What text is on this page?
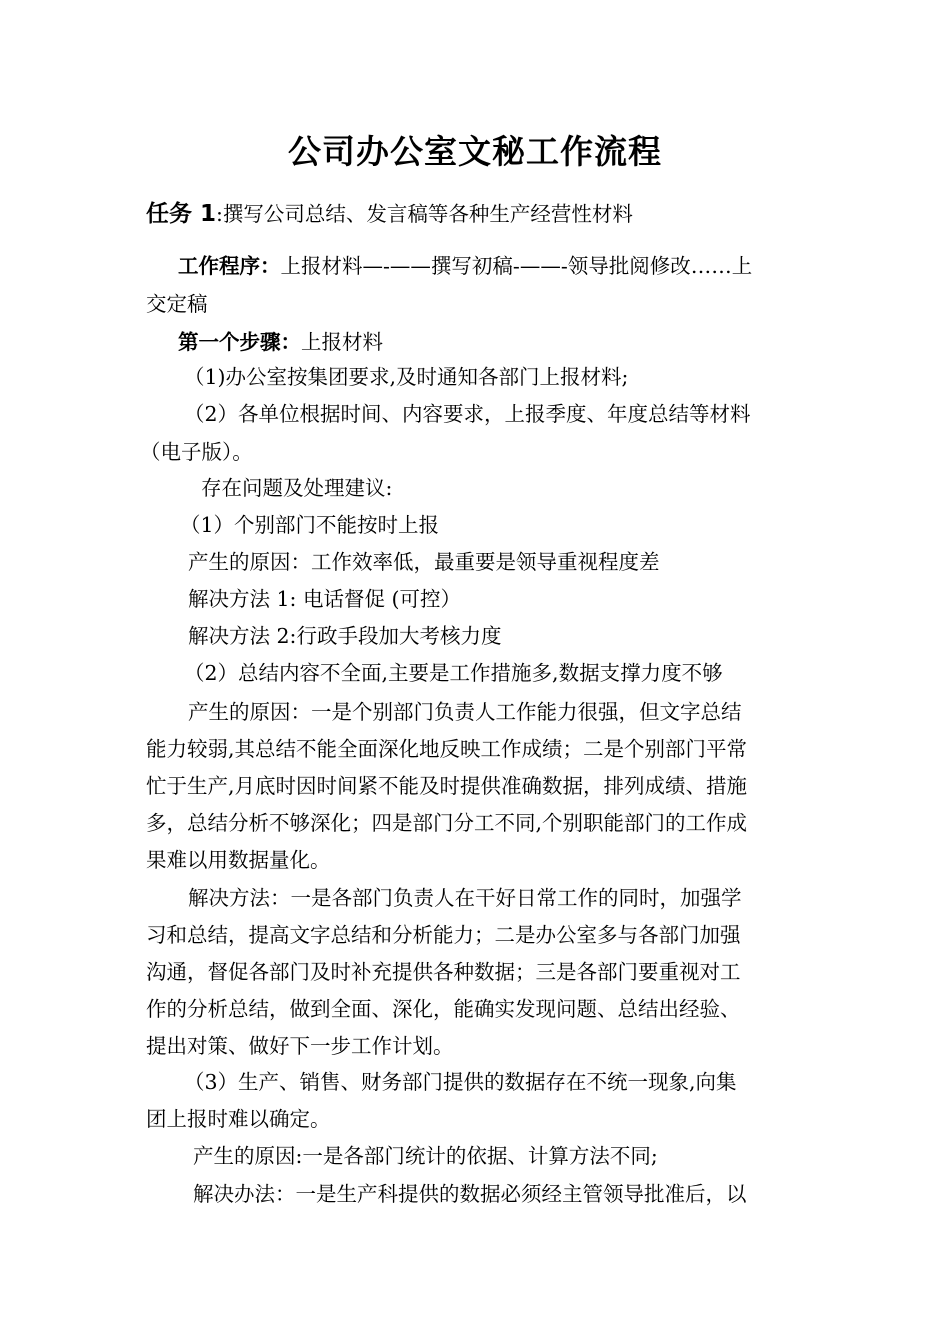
公司办公室文秘工作流程
任务 1:撰写公司总结、发言稿等各种生产经营性材料
工作程序：上报材料—-——撰写初稿-——-领导批阅修改……上
交定稿
第一个步骤：上报材料
（1)办公室按集团要求,及时通知各部门上报材料;
（2）各单位根据时间、内容要求，上报季度、年度总结等材料
（电子版）。
存在问题及处理建议:
（1）个别部门不能按时上报
产生的原因：工作效率低，最重要是领导重视程度差
解决方法 1: 电话督促 (可控）
解决方法 2:行政手段加大考核力度
（2）总结内容不全面,主要是工作措施多,数据支撑力度不够
产生的原因：一是个别部门负责人工作能力很强，但文字总结
能力较弱,其总结不能全面深化地反映工作成绩；二是个别部门平常
忙于生产,月底时因时间紧不能及时提供准确数据，排列成绩、措施
多，总结分析不够深化；四是部门分工不同,个别职能部门的工作成
果难以用数据量化。
解决方法：一是各部门负责人在干好日常工作的同时，加强学
习和总结，提高文字总结和分析能力；二是办公室多与各部门加强
沟通，督促各部门及时补充提供各种数据；三是各部门要重视对工
作的分析总结，做到全面、深化，能确实发现问题、总结出经验、
提出对策、做好下一步工作计划。
（3）生产、销售、财务部门提供的数据存在不统一现象,向集
团上报时难以确定。
产生的原因:一是各部门统计的依据、计算方法不同;
解决办法：一是生产科提供的数据必须经主管领导批准后，以
